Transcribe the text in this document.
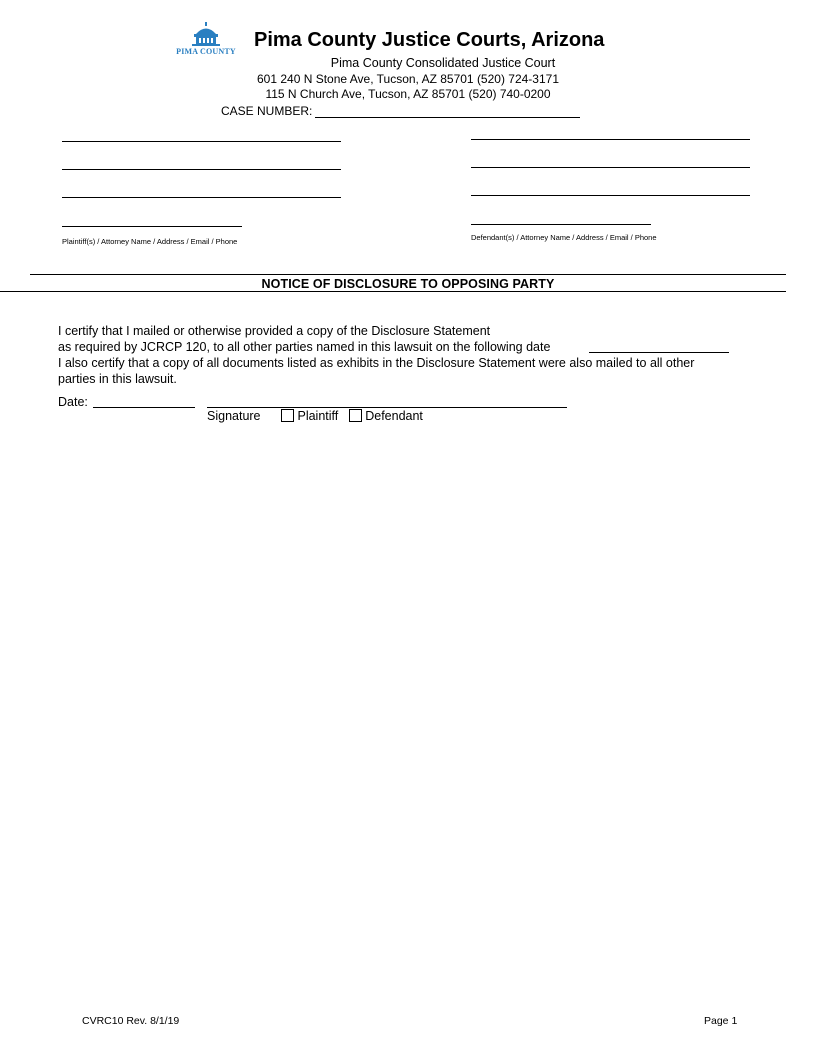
PIMA COUNTY
Pima County Justice Courts, Arizona
Pima County Consolidated Justice Court
601 240 N Stone Ave, Tucson, AZ 85701 (520) 724-3171
115 N Church Ave, Tucson, AZ 85701 (520) 740-0200
CASE NUMBER:
Plaintiff(s) / Attorney Name / Address / Email / Phone	Defendant(s) / Attorney Name / Address / Email / Phone
NOTICE OF DISCLOSURE TO OPPOSING PARTY
I certify that I mailed or otherwise provided a copy of the Disclosure Statement
as required by JCRCP 120, to all other parties named in this lawsuit on the following date
I also certify that a copy of all documents listed as exhibits in the Disclosure Statement were also mailed to all other
parties in this lawsuit.
Date:
Signature	Plaintiff Defendant
CVRC10 Rev. 8/1/19	Page 1
